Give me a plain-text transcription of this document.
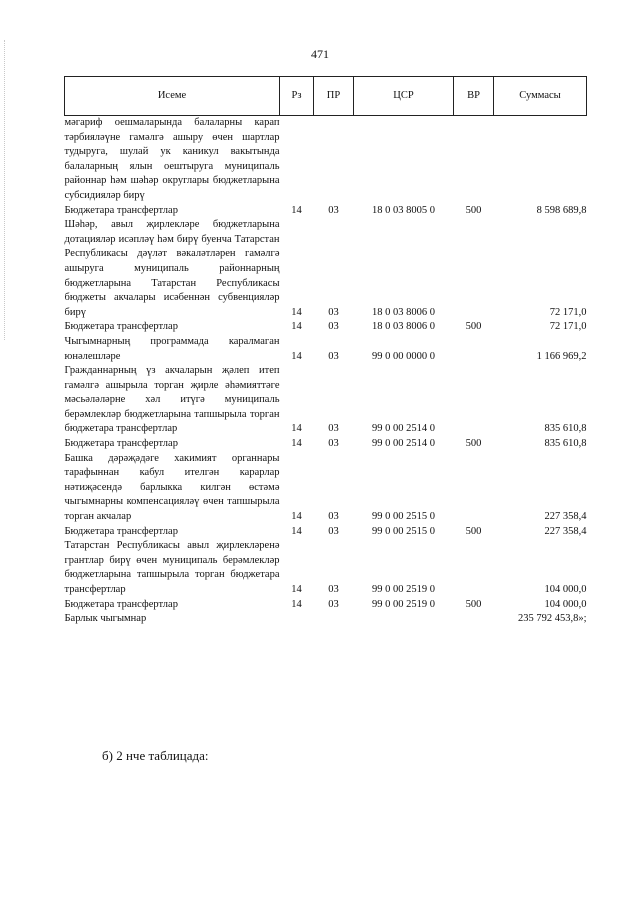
471
Исеме	Рз	ПР	ЦСР	ВР	Суммасы
мәгариф оешмаларында балаларны карап тәрбияләүне гамәлгә ашыру өчен шартлар тудыруга, шулай ук каникул вакытында балаларның ялын оештыруга муниципаль районнар һәм шәһәр округлары бюджетларына субсидияләр бирү					
Бюджетара трансфертлар	14	03	18 0 03 8005 0	500	8 598 689,8
Шәһәр, авыл җирлекләре бюджетларына дотацияләр исәпләү һәм бирү буенча Татарстан Республикасы дәүләт вәкаләтләрен гамәлгә ашыруга муниципаль районнарның бюджетларына Татарстан Республикасы бюджеты акчалары исәбеннән субвенцияләр бирү	14	03	18 0 03 8006 0		72 171,0
Бюджетара трансфертлар	14	03	18 0 03 8006 0	500	72 171,0
Чыгымнарның программада каралмаган юнәлешләре	14	03	99 0 00 0000 0		1 166 969,2
Гражданнарның үз акчаларын җәлеп итеп гамәлгә ашырыла торган җирле әһәмияттәге мәсьәләләрне хәл итүгә муниципаль берәмлекләр бюджетларына тапшырыла торган бюджетара трансфертлар	14	03	99 0 00 2514 0		835 610,8
Бюджетара трансфертлар	14	03	99 0 00 2514 0	500	835 610,8
Башка дәрәҗәдәге хакимият органнары тарафыннан кабул ителгән карарлар нәтиҗәсендә барлыкка килгән өстәмә чыгымнарны компенсацияләү өчен тапшырыла торган акчалар	14	03	99 0 00 2515 0		227 358,4
Бюджетара трансфертлар	14	03	99 0 00 2515 0	500	227 358,4
Татарстан Республикасы авыл җирлекләренә грантлар бирү өчен муниципаль берәмлекләр бюджетларына тапшырыла торган бюджетара трансфертлар	14	03	99 0 00 2519 0		104 000,0
Бюджетара трансфертлар	14	03	99 0 00 2519 0	500	104 000,0
Барлык чыгымнар					235 792 453,8»;
б) 2 нче таблицада:
